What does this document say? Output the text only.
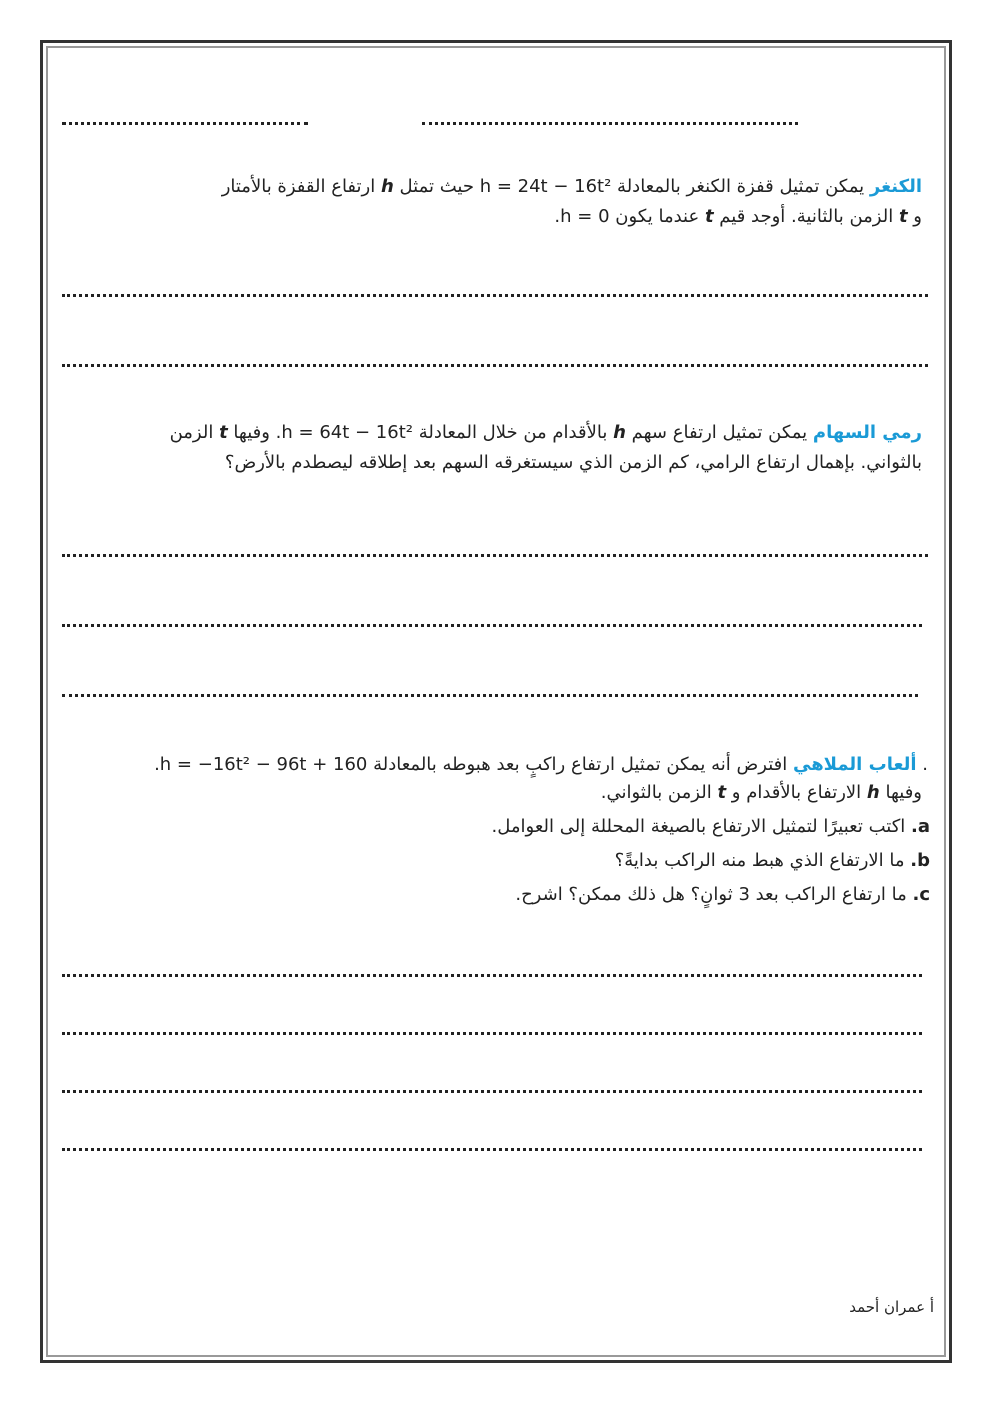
الكنغر يمكن تمثيل قفزة الكنغر بالمعادلة h = 24t − 16t² حيث تمثل h ارتفاع القفزة بالأمتار
و t الزمن بالثانية. أوجد قيم t عندما يكون h = 0.
رمي السهام يمكن تمثيل ارتفاع سهم h بالأقدام من خلال المعادلة h = 64t − 16t². وفيها t الزمن
بالثواني. بإهمال ارتفاع الرامي، كم الزمن الذي سيستغرقه السهم بعد إطلاقه ليصطدم بالأرض؟
. ألعاب الملاهي افترض أنه يمكن تمثيل ارتفاع راكبٍ بعد هبوطه بالمعادلة h = −16t² − 96t + 160.
وفيها h الارتفاع بالأقدام و t الزمن بالثواني.
a. اكتب تعبيرًا لتمثيل الارتفاع بالصيغة المحللة إلى العوامل.
b. ما الارتفاع الذي هبط منه الراكب بدايةً؟
c. ما ارتفاع الراكب بعد 3 ثوانٍ؟ هل ذلك ممكن؟ اشرح.
أ عمران أحمد
